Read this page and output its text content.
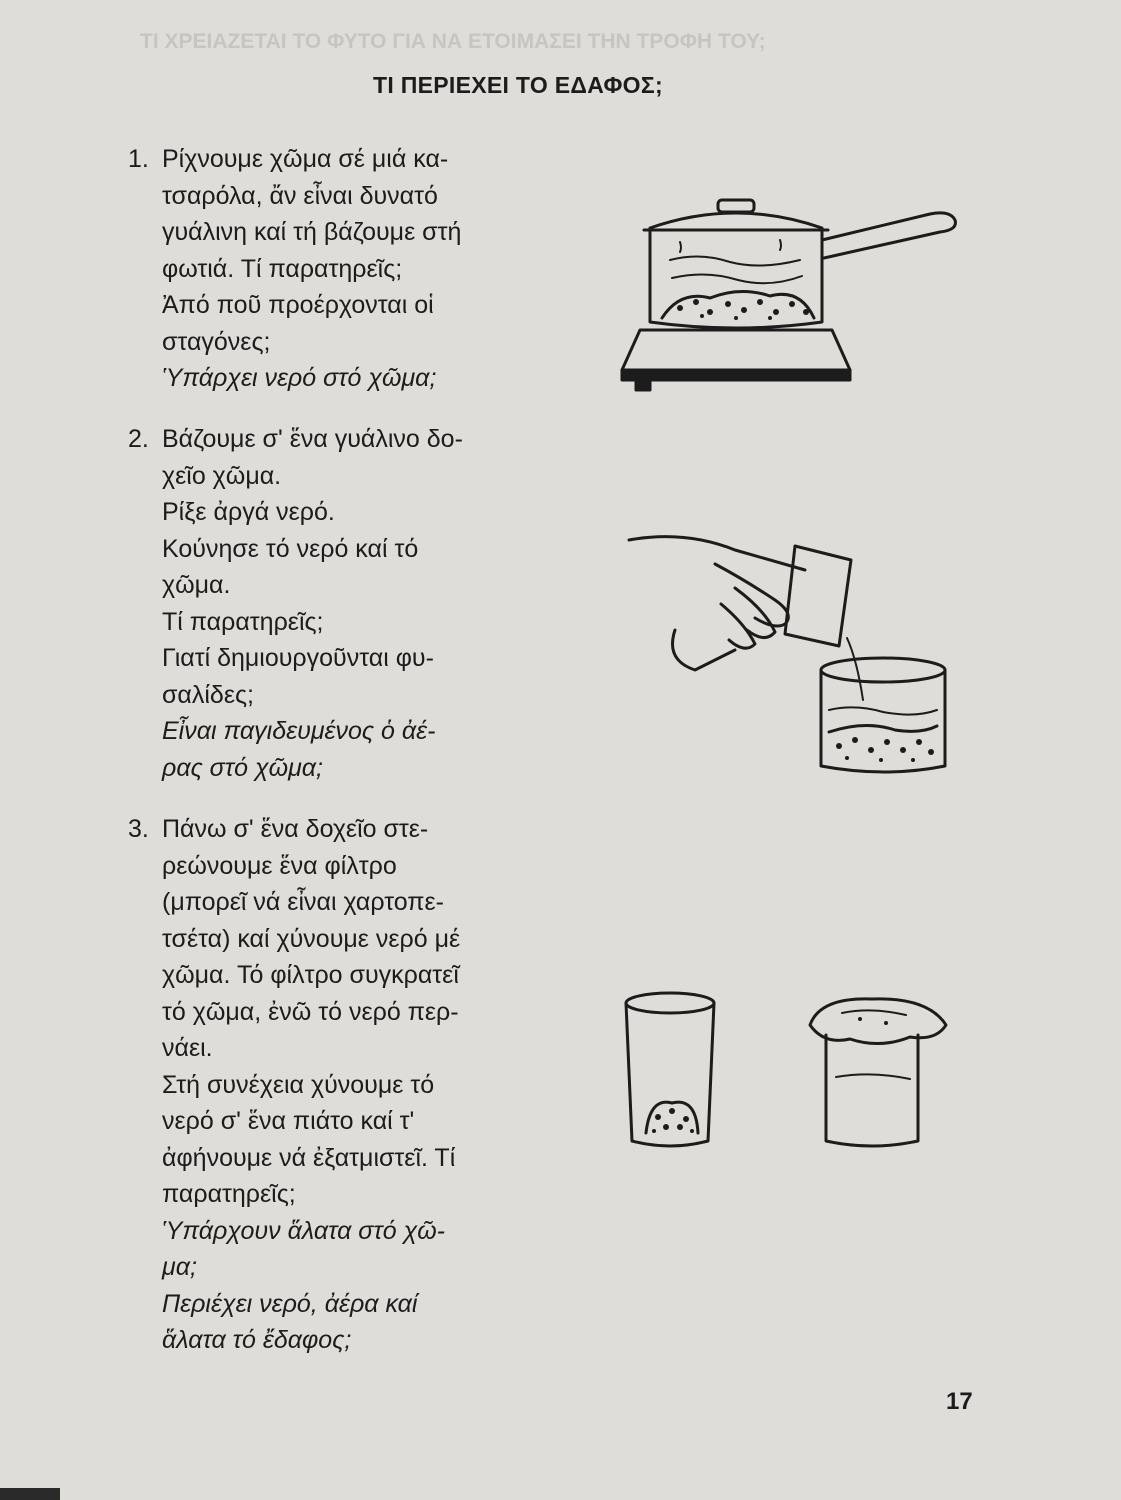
ΤΙ ΧΡΕΙΑΖΕΤΑΙ ΤΟ ΦΥΤΟ ΓΙΑ ΝΑ ΕΤΟΙΜΑΣΕΙ ΤΗΝ ΤΡΟΦΗ ΤΟΥ;
ΤΙ ΠΕΡΙΕΧΕΙ ΤΟ ΕΔΑΦΟΣ;
1. Ρίχνουμε χῶμα σέ μιά κα-
τσαρόλα, ἄν εἶναι δυνατό
γυάλινη καί τή βάζουμε στή
φωτιά. Τί παρατηρεῖς;
Ἀπό ποῦ προέρχονται οἱ
σταγόνες;
Ὑπάρχει νερό στό χῶμα;
2. Βάζουμε σ' ἕνα γυάλινο δο-
χεῖο χῶμα.
Ρίξε ἀργά νερό.
Κούνησε τό νερό καί τό
χῶμα.
Τί παρατηρεῖς;
Γιατί δημιουργοῦνται φυ-
σαλίδες;
Εἶναι παγιδευμένος ὁ ἀέ-
ρας στό χῶμα;
3. Πάνω σ' ἕνα δοχεῖο στε-
ρεώνουμε ἕνα φίλτρο
(μπορεῖ νά εἶναι χαρτοπε-
τσέτα) καί χύνουμε νερό μέ
χῶμα. Τό φίλτρο συγκρατεῖ
τό χῶμα, ἐνῶ τό νερό περ-
νάει.
Στή συνέχεια χύνουμε τό
νερό σ' ἕνα πιάτο καί τ'
ἀφήνουμε νά ἐξατμιστεῖ. Τί
παρατηρεῖς;
Ὑπάρχουν ἅλατα στό χῶ-
μα;
Περιέχει νερό, ἀέρα καί
ἅλατα τό ἔδαφος;
17
